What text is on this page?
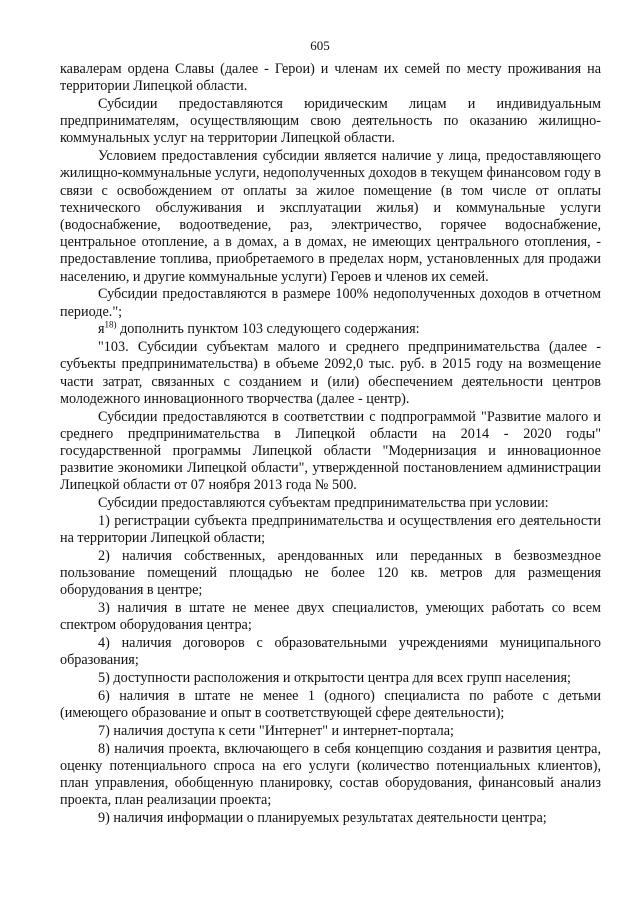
605

кавалерам ордена Славы (далее - Герои) и членам их семей по месту проживания на территории Липецкой области.

Субсидии предоставляются юридическим лицам и индивидуальным предпринимателям, осуществляющим свою деятельность по оказанию жилищно-коммунальных услуг на территории Липецкой области.

Условием предоставления субсидии является наличие у лица, предоставляющего жилищно-коммунальные услуги, недополученных доходов в текущем финансовом году в связи с освобождением от оплаты за жилое помещение (в том числе от оплаты технического обслуживания и эксплуатации жилья) и коммунальные услуги (водоснабжение, водоотведение, раз, электричество, горячее водоснабжение, центральное отопление, а в домах, а в домах, не имеющих центрального отопления, - предоставление топлива, приобретаемого в пределах норм, установленных для продажи населению, и другие коммунальные услуги) Героев и членов их семей.

Субсидии предоставляются в размере 100% недополученных доходов в отчетном периоде.";

$я^{18)}$ дополнить пунктом 103 следующего содержания:

"103. Субсидии субъектам малого и среднего предпринимательства (далее - субъекты предпринимательства) в объеме 2092,0 тыс. руб. в 2015 году на возмещение части затрат, связанных с созданием и (или) обеспечением деятельности центров молодежного инновационного творчества (далее - центр).

Субсидии предоставляются в соответствии с подпрограммой "Развитие малого и среднего предпринимательства в Липецкой области на 2014 - 2020 годы" государственной программы Липецкой области "Модернизация и инновационное развитие экономики Липецкой области", утвержденной постановлением администрации Липецкой области от 07 ноября 2013 года № 500.

Субсидии предоставляются субъектам предпринимательства при условии:

1) регистрации субъекта предпринимательства и осуществления его деятельности на территории Липецкой области;

2) наличия собственных, арендованных или переданных в безвозмездное пользование помещений площадью не более 120 кв. метров для размещения оборудования в центре;

3) наличия в штате не менее двух специалистов, умеющих работать со всем спектром оборудования центра;

4) наличия договоров с образовательными учреждениями муниципального образования;

5) доступности расположения и открытости центра для всех групп населения;

6) наличия в штате не менее 1 (одного) специалиста по работе с детьми (имеющего образование и опыт в соответствующей сфере деятельности);

7) наличия доступа к сети "Интернет" и интернет-портала;

8) наличия проекта, включающего в себя концепцию создания и развития центра, оценку потенциального спроса на его услуги (количество потенциальных клиентов), план управления, обобщенную планировку, состав оборудования, финансовый анализ проекта, план реализации проекта;

9) наличия информации о планируемых результатах деятельности центра;
